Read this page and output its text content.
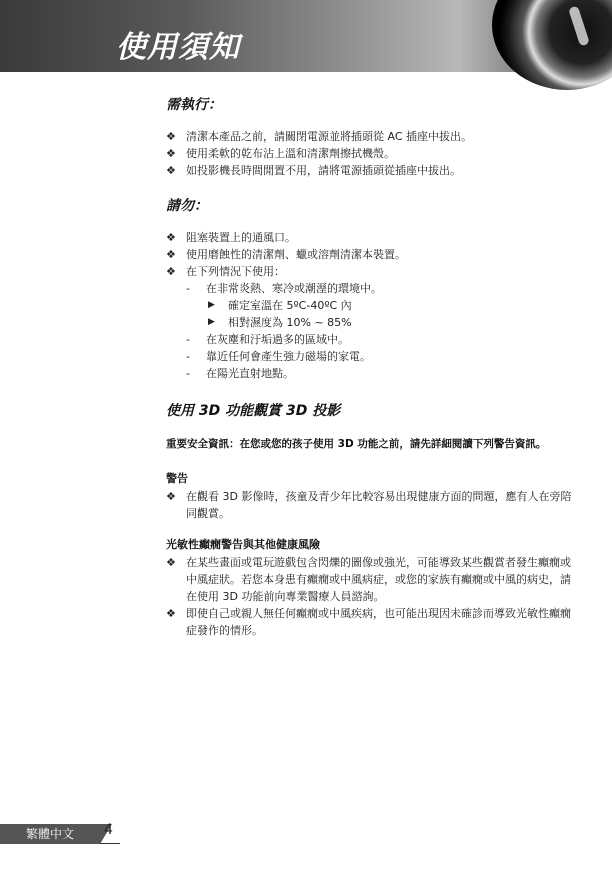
使用須知
需執行：
❖ 清潔本產品之前，請關閉電源並將插頭從 AC 插座中拔出。
❖ 使用柔軟的乾布沾上溫和清潔劑擦拭機殼。
❖ 如投影機長時間閒置不用，請將電源插頭從插座中拔出。
請勿：
❖ 阻塞裝置上的通風口。
❖ 使用磨蝕性的清潔劑、蠟或溶劑清潔本裝置。
❖ 在下列情況下使用：
- 在非常炎熱、寒冷或潮溼的環境中。
▶ 確定室溫在 5ºC-40ºC 內
▶ 相對濕度為 10% ~ 85%
- 在灰塵和汙垢過多的區域中。
- 靠近任何會產生強力磁場的家電。
- 在陽光直射地點。
使用 3D 功能觀賞 3D 投影
重要安全資訊：在您或您的孩子使用 3D 功能之前，請先詳細閱讀下列警告資訊。
警告
❖ 在觀看 3D 影像時，孩童及青少年比較容易出現健康方面的問題，應有人在旁陪同觀賞。
光敏性癲癇警告與其他健康風險
❖ 在某些畫面或電玩遊戲包含閃爍的圖像或強光，可能導致某些觀賞者發生癲癇或中風症狀。若您本身患有癲癇或中風病症，或您的家族有癲癇或中風的病史，請在使用 3D 功能前向專業醫療人員諮詢。
❖ 即使自己或親人無任何癲癇或中風疾病，也可能出現因未確診而導致光敏性癲癇症發作的情形。
繁體中文	4
